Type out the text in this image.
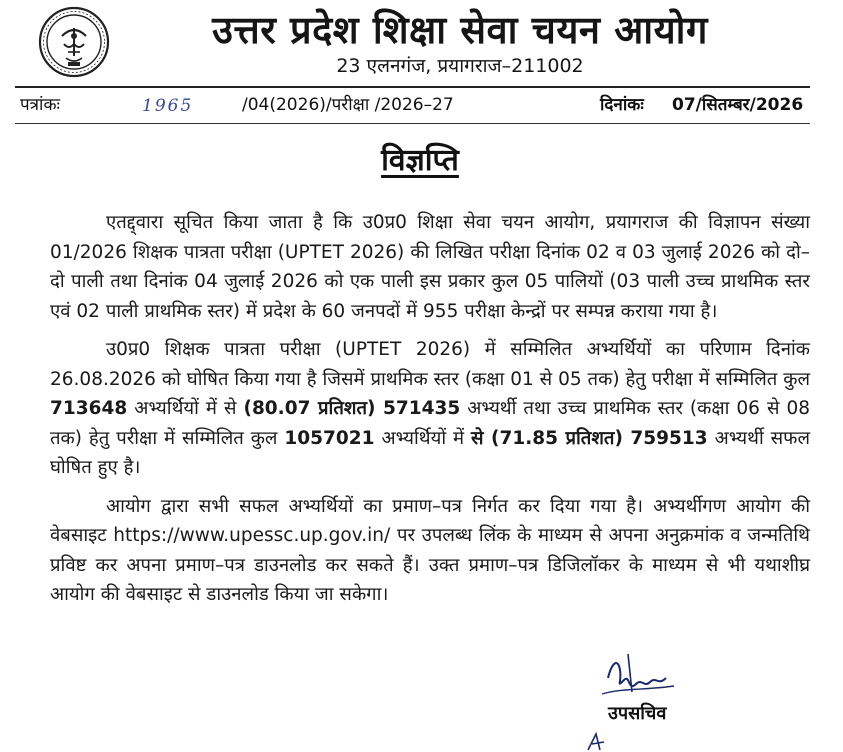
उत्तर प्रदेश शिक्षा सेवा चयन आयोग
23 एलनगंज, प्रयागराज–211002
पत्रांकः	1965	/04(2026)/परीक्षा /2026–27	दिनांकः 07/सितम्बर/2026
विज्ञप्ति

एतद्द्वारा सूचित किया जाता है कि उ0प्र0 शिक्षा सेवा चयन आयोग, प्रयागराज की विज्ञापन संख्या 01/2026 शिक्षक पात्रता परीक्षा (UPTET 2026) की लिखित परीक्षा दिनांक 02 व 03 जुलाई 2026 को दो–दो पाली तथा दिनांक 04 जुलाई 2026 को एक पाली इस प्रकार कुल 05 पालियों (03 पाली उच्च प्राथमिक स्तर एवं 02 पाली प्राथमिक स्तर) में प्रदेश के 60 जनपदों में 955 परीक्षा केन्द्रों पर सम्पन्न कराया गया है।

उ0प्र0 शिक्षक पात्रता परीक्षा (UPTET 2026) में सम्मिलित अभ्यर्थियों का परिणाम दिनांक 26.08.2026 को घोषित किया गया है जिसमें प्राथमिक स्तर (कक्षा 01 से 05 तक) हेतु परीक्षा में सम्मिलित कुल 713648 अभ्यर्थियों में से (80.07 प्रतिशत) 571435 अभ्यर्थी तथा उच्च प्राथमिक स्तर (कक्षा 06 से 08 तक) हेतु परीक्षा में सम्मिलित कुल 1057021 अभ्यर्थियों में से (71.85 प्रतिशत) 759513 अभ्यर्थी सफल घोषित हुए है।

आयोग द्वारा सभी सफल अभ्यर्थियों का प्रमाण–पत्र निर्गत कर दिया गया है। अभ्यर्थीगण आयोग की वेबसाइट https://www.upessc.up.gov.in/ पर उपलब्ध लिंक के माध्यम से अपना अनुक्रमांक व जन्मतिथि प्रविष्ट कर अपना प्रमाण–पत्र डाउनलोड कर सकते हैं। उक्त प्रमाण–पत्र डिजिलॉकर के माध्यम से भी यथाशीघ्र आयोग की वेबसाइट से डाउनलोड किया जा सकेगा।

उपसचिव
